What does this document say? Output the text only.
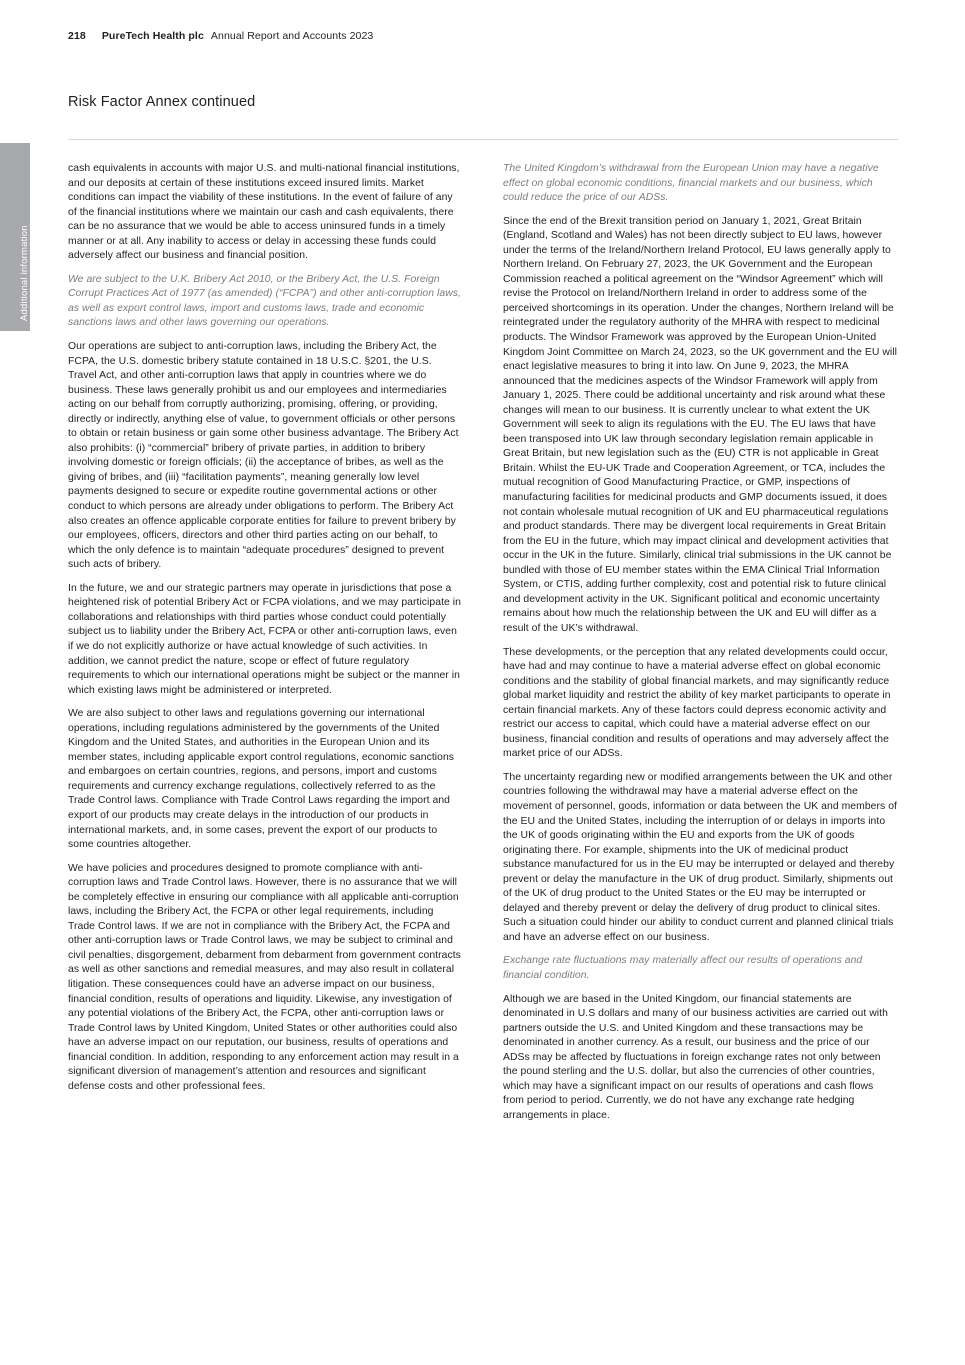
218 PureTech Health plc Annual Report and Accounts 2023
Additional information
Risk Factor Annex continued

cash equivalents in accounts with major U.S. and multi-national financial institutions, and our deposits at certain of these institutions exceed insured limits. Market conditions can impact the viability of these institutions. In the event of failure of any of the financial institutions where we maintain our cash and cash equivalents, there can be no assurance that we would be able to access uninsured funds in a timely manner or at all. Any inability to access or delay in accessing these funds could adversely affect our business and financial position.

We are subject to the U.K. Bribery Act 2010, or the Bribery Act, the U.S. Foreign Corrupt Practices Act of 1977 (as amended) (“FCPA”) and other anti-corruption laws, as well as export control laws, import and customs laws, trade and economic sanctions laws and other laws governing our operations.

Our operations are subject to anti-corruption laws, including the Bribery Act, the FCPA, the U.S. domestic bribery statute contained in 18 U.S.C. §201, the U.S. Travel Act, and other anti-corruption laws that apply in countries where we do business. These laws generally prohibit us and our employees and intermediaries acting on our behalf from corruptly authorizing, promising, offering, or providing, directly or indirectly, anything else of value, to government officials or other persons to obtain or retain business or gain some other business advantage. The Bribery Act also prohibits: (i) “commercial” bribery of private parties, in addition to bribery involving domestic or foreign officials; (ii) the acceptance of bribes, as well as the giving of bribes, and (iii) “facilitation payments”, meaning generally low level payments designed to secure or expedite routine governmental actions or other conduct to which persons are already under obligations to perform. The Bribery Act also creates an offence applicable corporate entities for failure to prevent bribery by our employees, officers, directors and other third parties acting on our behalf, to which the only defence is to maintain “adequate procedures” designed to prevent such acts of bribery.

In the future, we and our strategic partners may operate in jurisdictions that pose a heightened risk of potential Bribery Act or FCPA violations, and we may participate in collaborations and relationships with third parties whose conduct could potentially subject us to liability under the Bribery Act, FCPA or other anti-corruption laws, even if we do not explicitly authorize or have actual knowledge of such activities. In addition, we cannot predict the nature, scope or effect of future regulatory requirements to which our international operations might be subject or the manner in which existing laws might be administered or interpreted.

We are also subject to other laws and regulations governing our international operations, including regulations administered by the governments of the United Kingdom and the United States, and authorities in the European Union and its member states, including applicable export control regulations, economic sanctions and embargoes on certain countries, regions, and persons, import and customs requirements and currency exchange regulations, collectively referred to as the Trade Control laws. Compliance with Trade Control Laws regarding the import and export of our products may create delays in the introduction of our products in international markets, and, in some cases, prevent the export of our products to some countries altogether.

We have policies and procedures designed to promote compliance with anti-corruption laws and Trade Control laws. However, there is no assurance that we will be completely effective in ensuring our compliance with all applicable anti-corruption laws, including the Bribery Act, the FCPA or other legal requirements, including Trade Control laws. If we are not in compliance with the Bribery Act, the FCPA and other anti-corruption laws or Trade Control laws, we may be subject to criminal and civil penalties, disgorgement, debarment from debarment from government contracts as well as other sanctions and remedial measures, and may also result in collateral litigation. These consequences could have an adverse impact on our business, financial condition, results of operations and liquidity. Likewise, any investigation of any potential violations of the Bribery Act, the FCPA, other anti-corruption laws or Trade Control laws by United Kingdom, United States or other authorities could also have an adverse impact on our reputation, our business, results of operations and financial condition. In addition, responding to any enforcement action may result in a significant diversion of management’s attention and resources and significant defense costs and other professional fees.

The United Kingdom’s withdrawal from the European Union may have a negative effect on global economic conditions, financial markets and our business, which could reduce the price of our ADSs.

Since the end of the Brexit transition period on January 1, 2021, Great Britain (England, Scotland and Wales) has not been directly subject to EU laws, however under the terms of the Ireland/Northern Ireland Protocol, EU laws generally apply to Northern Ireland. On February 27, 2023, the UK Government and the European Commission reached a political agreement on the “Windsor Agreement” which will revise the Protocol on Ireland/Northern Ireland in order to address some of the perceived shortcomings in its operation. Under the changes, Northern Ireland will be reintegrated under the regulatory authority of the MHRA with respect to medicinal products. The Windsor Framework was approved by the European Union-United Kingdom Joint Committee on March 24, 2023, so the UK government and the EU will enact legislative measures to bring it into law. On June 9, 2023, the MHRA announced that the medicines aspects of the Windsor Framework will apply from January 1, 2025. There could be additional uncertainty and risk around what these changes will mean to our business. It is currently unclear to what extent the UK Government will seek to align its regulations with the EU. The EU laws that have been transposed into UK law through secondary legislation remain applicable in Great Britain, but new legislation such as the (EU) CTR is not applicable in Great Britain. Whilst the EU-UK Trade and Cooperation Agreement, or TCA, includes the mutual recognition of Good Manufacturing Practice, or GMP, inspections of manufacturing facilities for medicinal products and GMP documents issued, it does not contain wholesale mutual recognition of UK and EU pharmaceutical regulations and product standards. There may be divergent local requirements in Great Britain from the EU in the future, which may impact clinical and development activities that occur in the UK in the future. Similarly, clinical trial submissions in the UK cannot be bundled with those of EU member states within the EMA Clinical Trial Information System, or CTIS, adding further complexity, cost and potential risk to future clinical and development activity in the UK. Significant political and economic uncertainty remains about how much the relationship between the UK and EU will differ as a result of the UK’s withdrawal.

These developments, or the perception that any related developments could occur, have had and may continue to have a material adverse effect on global economic conditions and the stability of global financial markets, and may significantly reduce global market liquidity and restrict the ability of key market participants to operate in certain financial markets. Any of these factors could depress economic activity and restrict our access to capital, which could have a material adverse effect on our business, financial condition and results of operations and may adversely affect the market price of our ADSs.

The uncertainty regarding new or modified arrangements between the UK and other countries following the withdrawal may have a material adverse effect on the movement of personnel, goods, information or data between the UK and members of the EU and the United States, including the interruption of or delays in imports into the UK of goods originating within the EU and exports from the UK of goods originating there. For example, shipments into the UK of medicinal product substance manufactured for us in the EU may be interrupted or delayed and thereby prevent or delay the manufacture in the UK of drug product. Similarly, shipments out of the UK of drug product to the United States or the EU may be interrupted or delayed and thereby prevent or delay the delivery of drug product to clinical sites. Such a situation could hinder our ability to conduct current and planned clinical trials and have an adverse effect on our business.

Exchange rate fluctuations may materially affect our results of operations and financial condition.

Although we are based in the United Kingdom, our financial statements are denominated in U.S dollars and many of our business activities are carried out with partners outside the U.S. and United Kingdom and these transactions may be denominated in another currency. As a result, our business and the price of our ADSs may be affected by fluctuations in foreign exchange rates not only between the pound sterling and the U.S. dollar, but also the currencies of other countries, which may have a significant impact on our results of operations and cash flows from period to period. Currently, we do not have any exchange rate hedging arrangements in place.
